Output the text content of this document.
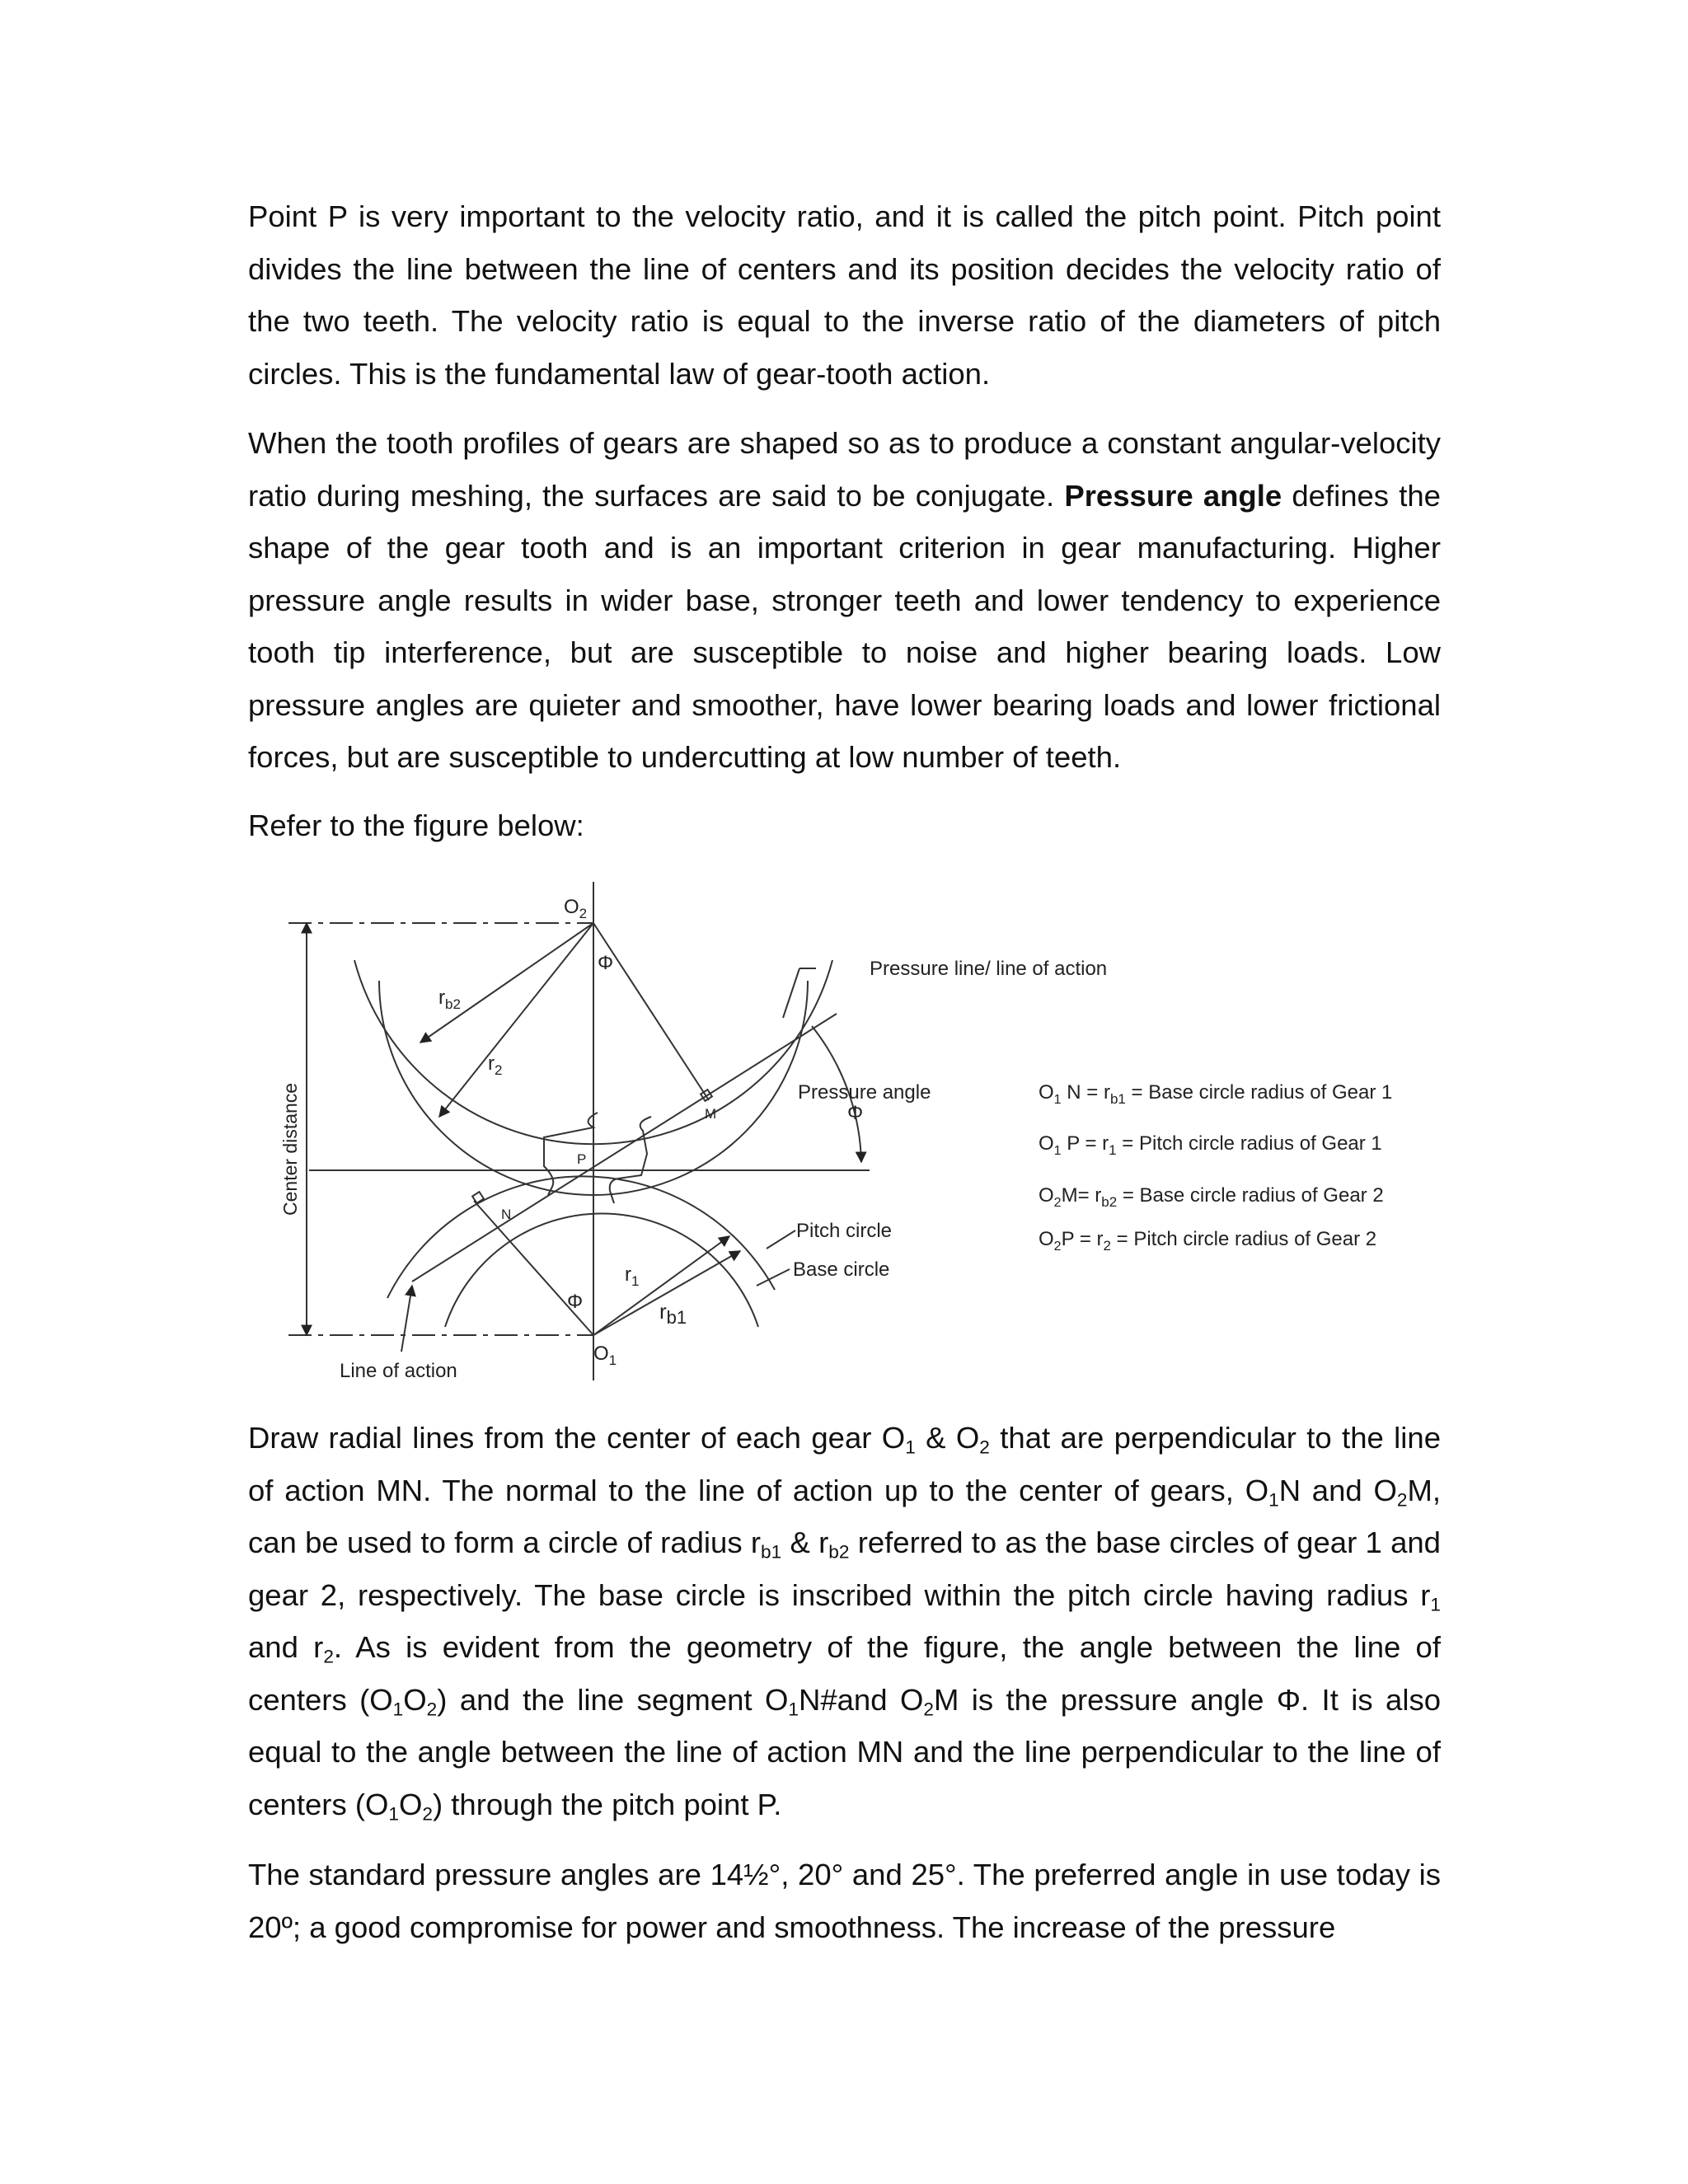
Point P is very important to the velocity ratio, and it is called the pitch point. Pitch point divides the line between the line of centers and its position decides the velocity ratio of the two teeth. The velocity ratio is equal to the inverse ratio of the diameters of pitch circles. This is the fundamental law of gear-tooth action.

When the tooth profiles of gears are shaped so as to produce a constant angular-velocity ratio during meshing, the surfaces are said to be conjugate. Pressure angle defines the shape of the gear tooth and is an important criterion in gear manufacturing. Higher pressure angle results in wider base, stronger teeth and lower tendency to experience tooth tip interference, but are susceptible to noise and higher bearing loads. Low pressure angles are quieter and smoother, have lower bearing loads and lower frictional forces, but are susceptible to undercutting at low number of teeth.

Refer to the figure below:

$O_2$
Φ
$r_{b2}$
$r_2$
M
P
N
$r_1$
Φ	$r_{b1}$
$O_1$
Center distance
Line of action
Pressure line/ line of action
Pressure angle
Φ
Pitch circle
Base circle
$O_1$ $N = r_{b1}$ = Base circle radius of Gear 1
$O_1$ $P = r_1$ = Pitch circle radius of Gear 1
$O_2M= r_{b2}$ = Base circle radius of Gear 2
$O_2P = r_2$ = Pitch circle radius of Gear 2

Draw radial lines from the center of each gear $O_1$ & $O_2$ that are perpendicular to the line of action MN. The normal to the line of action up to the center of gears, $O_1N$ and $O_2M$, can be used to form a circle of radius $r_{b1}$ & $r_{b2}$ referred to as the base circles of gear 1 and gear 2, respectively. The base circle is inscribed within the pitch circle having radius $r_1$ and $r_2$. As is evident from the geometry of the figure, the angle between the line of centers $(O_1O_2)$ and the line segment $O_1N\#and$ $O_2M$ is the pressure angle Φ. It is also equal to the angle between the line of action MN and the line perpendicular to the line of centers $(O_1O_2)$ through the pitch point P.

The standard pressure angles are 14½°, 20° and 25°. The preferred angle in use today is 20º; a good compromise for power and smoothness. The increase of the pressure
